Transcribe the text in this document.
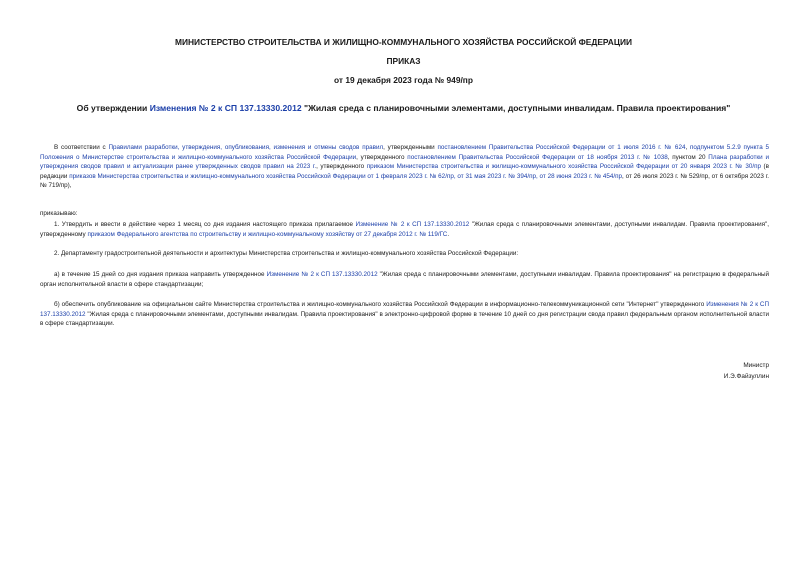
МИНИСТЕРСТВО СТРОИТЕЛЬСТВА И ЖИЛИЩНО-КОММУНАЛЬНОГО ХОЗЯЙСТВА РОССИЙСКОЙ ФЕДЕРАЦИИ
ПРИКАЗ
от 19 декабря 2023 года № 949/пр
Об утверждении Изменения № 2 к СП 137.13330.2012 "Жилая среда с планировочными элементами, доступными инвалидам. Правила проектирования"
В соответствии с Правилами разработки, утверждения, опубликования, изменения и отмены сводов правил, утвержденными постановлением Правительства Российской Федерации от 1 июля 2016 г. № 624, подпунктом 5.2.9 пункта 5 Положения о Министерстве строительства и жилищно-коммунального хозяйства Российской Федерации, утвержденного постановлением Правительства Российской Федерации от 18 ноября 2013 г. № 1038, пунктом 20 Плана разработки и утверждения сводов правил и актуализации ранее утвержденных сводов правил на 2023 г., утвержденного приказом Министерства строительства и жилищно-коммунального хозяйства Российской Федерации от 20 января 2023 г. № 30/пр (в редакции приказов Министерства строительства и жилищно-коммунального хозяйства Российской Федерации от 1 февраля 2023 г. № 62/пр, от 31 мая 2023 г. № 394/пр, от 28 июня 2023 г. № 454/пр, от 26 июля 2023 г. № 529/пр, от 6 октября 2023 г. № 719/пр),
приказываю:
1. Утвердить и ввести в действие через 1 месяц со дня издания настоящего приказа прилагаемое Изменение № 2 к СП 137.13330.2012 "Жилая среда с планировочными элементами, доступными инвалидам. Правила проектирования", утвержденному приказом Федерального агентства по строительству и жилищно-коммунальному хозяйству от 27 декабря 2012 г. № 119/ГС.
2. Департаменту градостроительной деятельности и архитектуры Министерства строительства и жилищно-коммунального хозяйства Российской Федерации:
а) в течение 15 дней со дня издания приказа направить утвержденное Изменение № 2 к СП 137.13330.2012 "Жилая среда с планировочными элементами, доступными инвалидам. Правила проектирования" на регистрацию в федеральный орган исполнительной власти в сфере стандартизации;
б) обеспечить опубликование на официальном сайте Министерства строительства и жилищно-коммунального хозяйства Российской Федерации в информационно-телекоммуникационной сети "Интернет" утвержденного Изменения № 2 к СП 137.13330.2012 "Жилая среда с планировочными элементами, доступными инвалидам. Правила проектирования" в электронно-цифровой форме в течение 10 дней со дня регистрации свода правил федеральным органом исполнительной власти в сфере стандартизации.
Министр
И.Э.Файзуллин
